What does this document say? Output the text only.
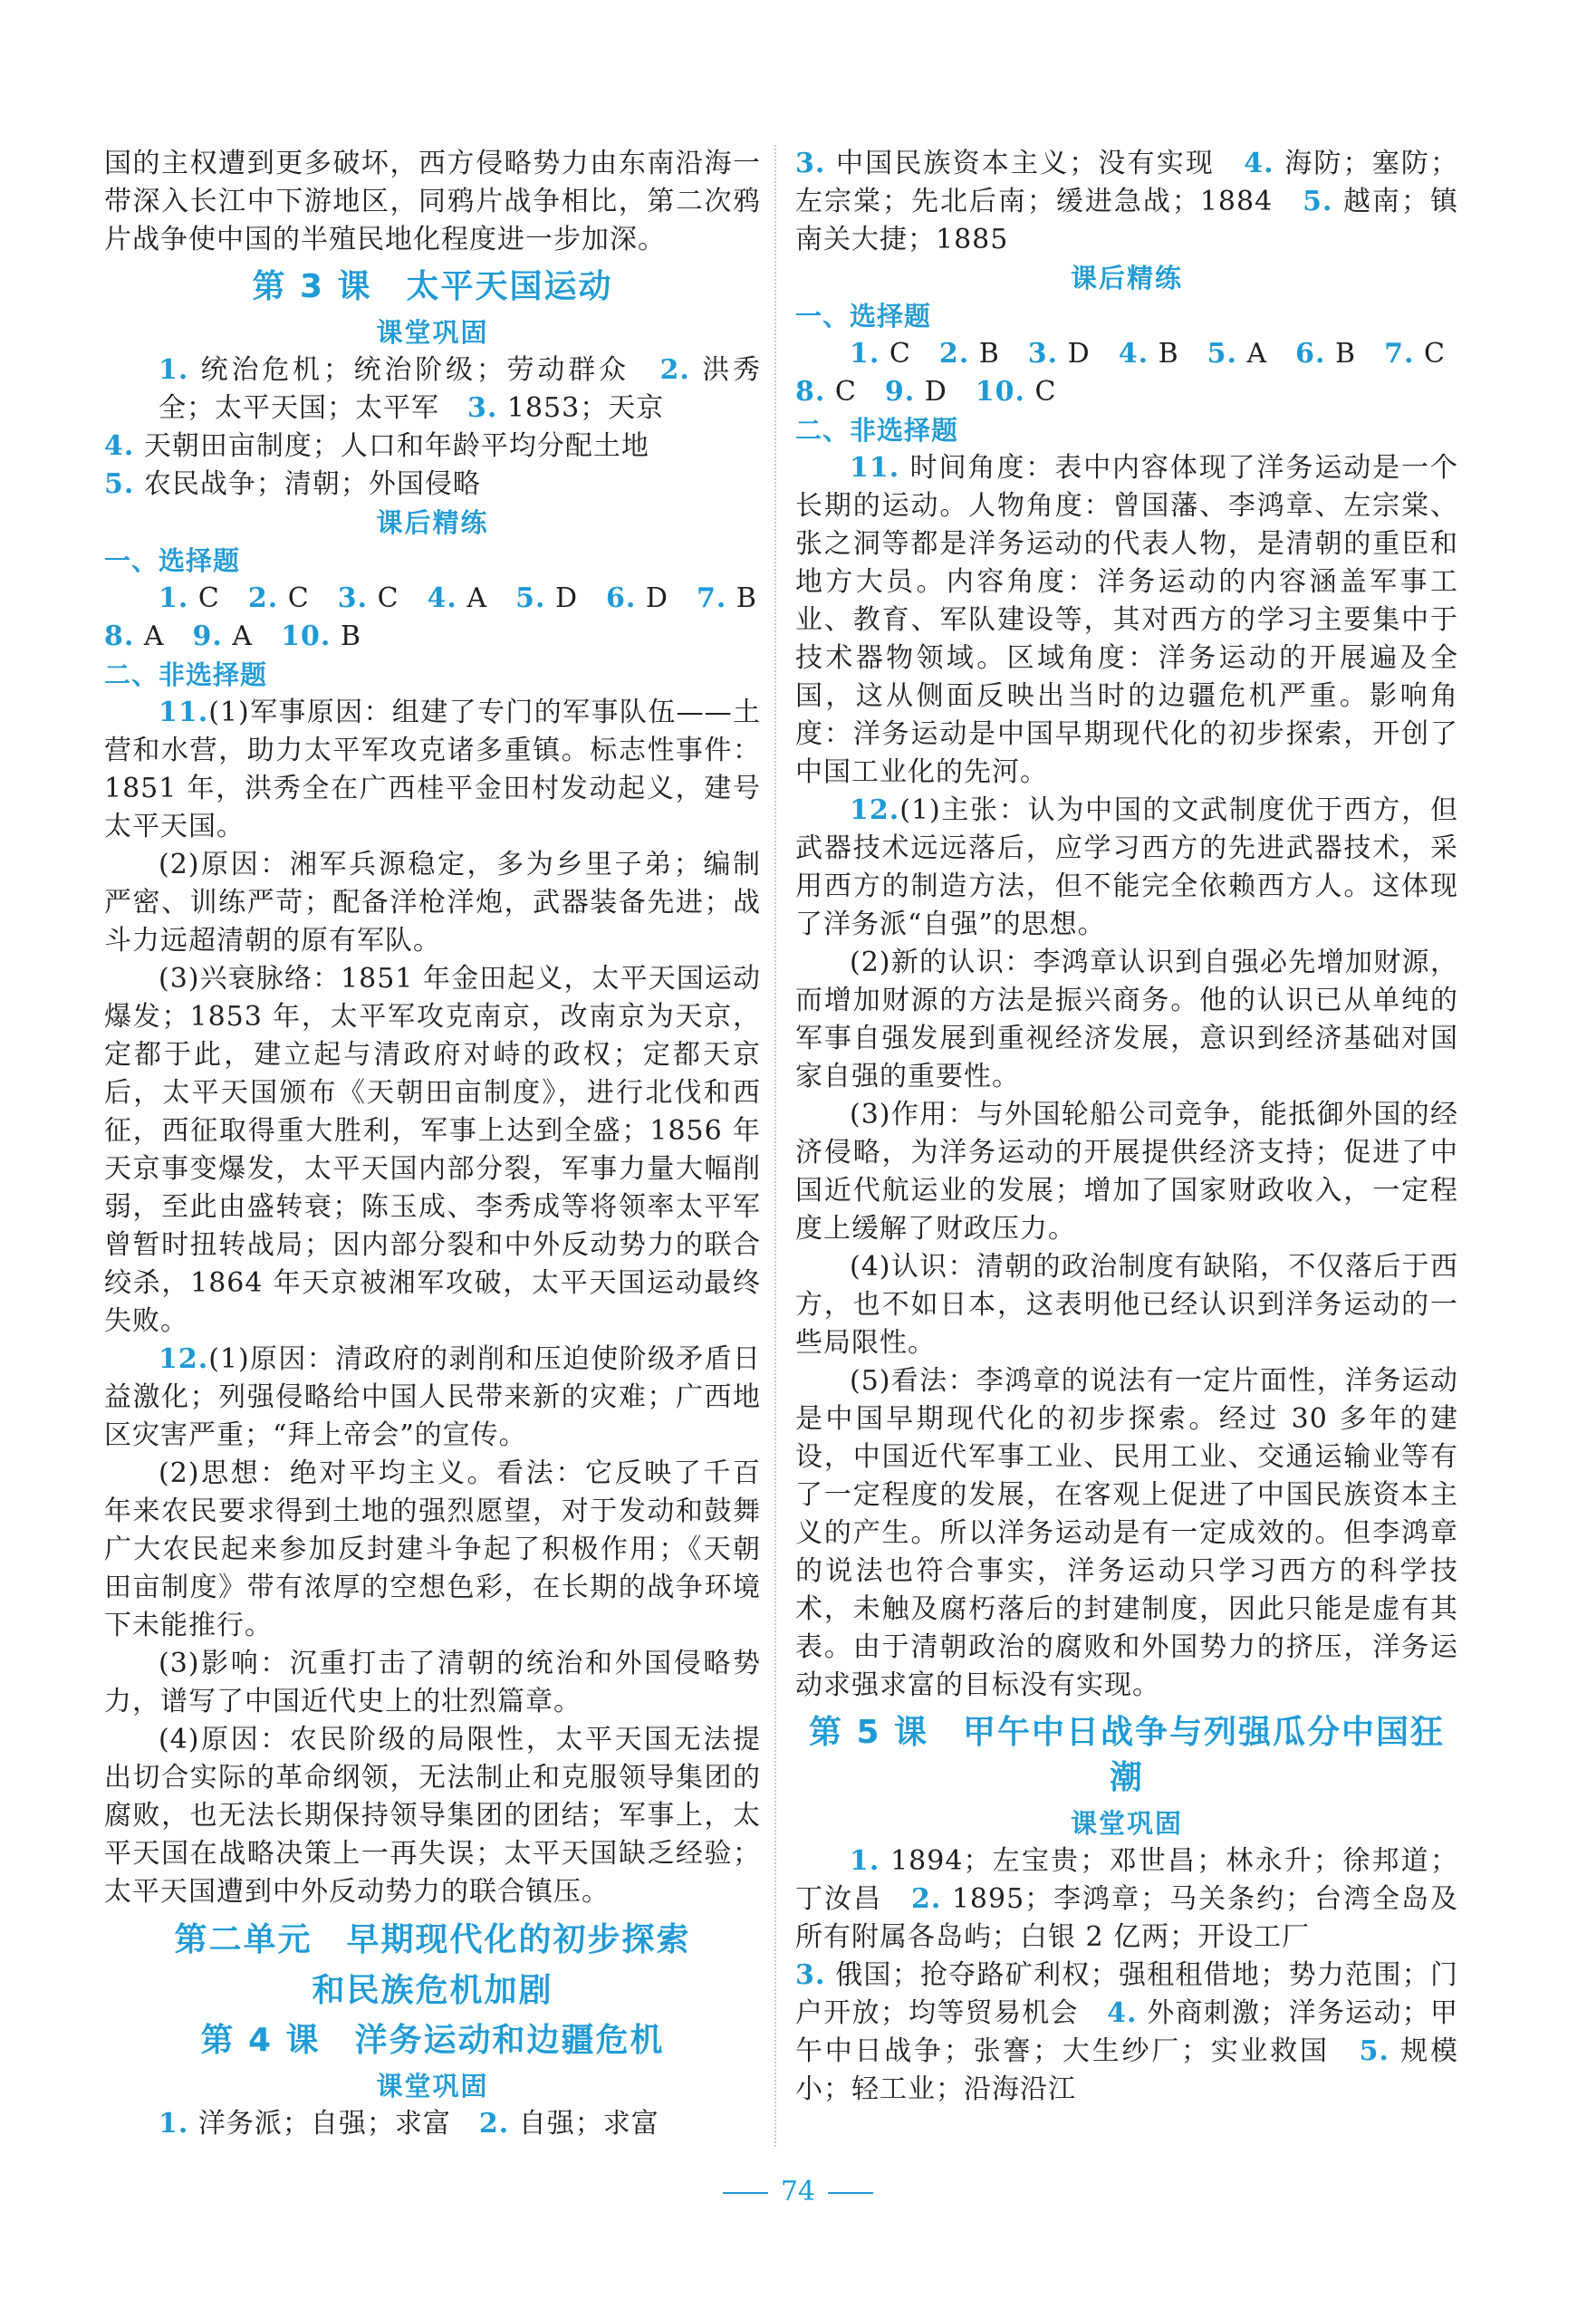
国的主权遭到更多破坏，西方侵略势力由东南沿海一带深入长江中下游地区，同鸦片战争相比，第二次鸦片战争使中国的半殖民地化程度进一步加深。

第 3 课　太平天国运动
课堂巩固

1. 统治危机；统治阶级；劳动群众　 2. 洪秀全；太平天国；太平军　 3. 1853；天京

4. 天朝田亩制度；人口和年龄平均分配土地

5. 农民战争；清朝；外国侵略

课后精练
一、选择题

1. C　 2. C　 3. C　 4. A　 5. D　 6. D　 7. B

8. A　 9. A　 10. B

二、非选择题

11.(1)军事原因：组建了专门的军事队伍——土营和水营，助力太平军攻克诸多重镇。标志性事件：1851 年，洪秀全在广西桂平金田村发动起义，建号太平天国。

(2)原因：湘军兵源稳定，多为乡里子弟；编制严密、训练严苛；配备洋枪洋炮，武器装备先进；战斗力远超清朝的原有军队。

(3)兴衰脉络：1851 年金田起义，太平天国运动爆发；1853 年，太平军攻克南京，改南京为天京，定都于此，建立起与清政府对峙的政权；定都天京后，太平天国颁布《天朝田亩制度》，进行北伐和西征，西征取得重大胜利，军事上达到全盛；1856 年天京事变爆发，太平天国内部分裂，军事力量大幅削弱，至此由盛转衰；陈玉成、李秀成等将领率太平军曾暂时扭转战局；因内部分裂和中外反动势力的联合绞杀，1864 年天京被湘军攻破，太平天国运动最终失败。

12.(1)原因：清政府的剥削和压迫使阶级矛盾日益激化；列强侵略给中国人民带来新的灾难；广西地区灾害严重；“拜上帝会”的宣传。

(2)思想：绝对平均主义。看法：它反映了千百年来农民要求得到土地的强烈愿望，对于发动和鼓舞广大农民起来参加反封建斗争起了积极作用；《天朝田亩制度》带有浓厚的空想色彩，在长期的战争环境下未能推行。

(3)影响：沉重打击了清朝的统治和外国侵略势力，谱写了中国近代史上的壮烈篇章。

(4)原因：农民阶级的局限性，太平天国无法提出切合实际的革命纲领，无法制止和克服领导集团的腐败，也无法长期保持领导集团的团结；军事上，太平天国在战略决策上一再失误；太平天国缺乏经验；太平天国遭到中外反动势力的联合镇压。

第二单元　早期现代化的初步探索
和民族危机加剧
第 4 课　洋务运动和边疆危机
课堂巩固

1. 洋务派；自强；求富　 2. 自强；求富

3. 中国民族资本主义；没有实现　 4. 海防；塞防；左宗棠；先北后南；缓进急战；1884　 5. 越南；镇南关大捷；1885

课后精练
一、选择题

1. C　 2. B　 3. D　 4. B　 5. A　 6. B　 7. C

8. C　 9. D　 10. C

二、非选择题

11. 时间角度：表中内容体现了洋务运动是一个长期的运动。人物角度：曾国藩、李鸿章、左宗棠、张之洞等都是洋务运动的代表人物，是清朝的重臣和地方大员。内容角度：洋务运动的内容涵盖军事工业、教育、军队建设等，其对西方的学习主要集中于技术器物领域。区域角度：洋务运动的开展遍及全国，这从侧面反映出当时的边疆危机严重。影响角度：洋务运动是中国早期现代化的初步探索，开创了中国工业化的先河。

12.(1)主张：认为中国的文武制度优于西方，但武器技术远远落后，应学习西方的先进武器技术，采用西方的制造方法，但不能完全依赖西方人。这体现了洋务派“自强”的思想。

(2)新的认识：李鸿章认识到自强必先增加财源，而增加财源的方法是振兴商务。他的认识已从单纯的军事自强发展到重视经济发展，意识到经济基础对国家自强的重要性。

(3)作用：与外国轮船公司竞争，能抵御外国的经济侵略，为洋务运动的开展提供经济支持；促进了中国近代航运业的发展；增加了国家财政收入，一定程度上缓解了财政压力。

(4)认识：清朝的政治制度有缺陷，不仅落后于西方，也不如日本，这表明他已经认识到洋务运动的一些局限性。

(5)看法：李鸿章的说法有一定片面性，洋务运动是中国早期现代化的初步探索。经过 30 多年的建设，中国近代军事工业、民用工业、交通运输业等有了一定程度的发展，在客观上促进了中国民族资本主义的产生。所以洋务运动是有一定成效的。但李鸿章的说法也符合事实，洋务运动只学习西方的科学技术，未触及腐朽落后的封建制度，因此只能是虚有其表。由于清朝政治的腐败和外国势力的挤压，洋务运动求强求富的目标没有实现。

第 5 课　甲午中日战争与列强瓜分中国狂潮
课堂巩固

1. 1894；左宝贵；邓世昌；林永升；徐邦道；丁汝昌　 2. 1895；李鸿章；马关条约；台湾全岛及所有附属各岛屿；白银 2 亿两；开设工厂

3. 俄国；抢夺路矿利权；强租租借地；势力范围；门户开放；均等贸易机会　 4. 外商刺激；洋务运动；甲午中日战争；张謇；大生纱厂；实业救国　 5. 规模小；轻工业；沿海沿江

74
